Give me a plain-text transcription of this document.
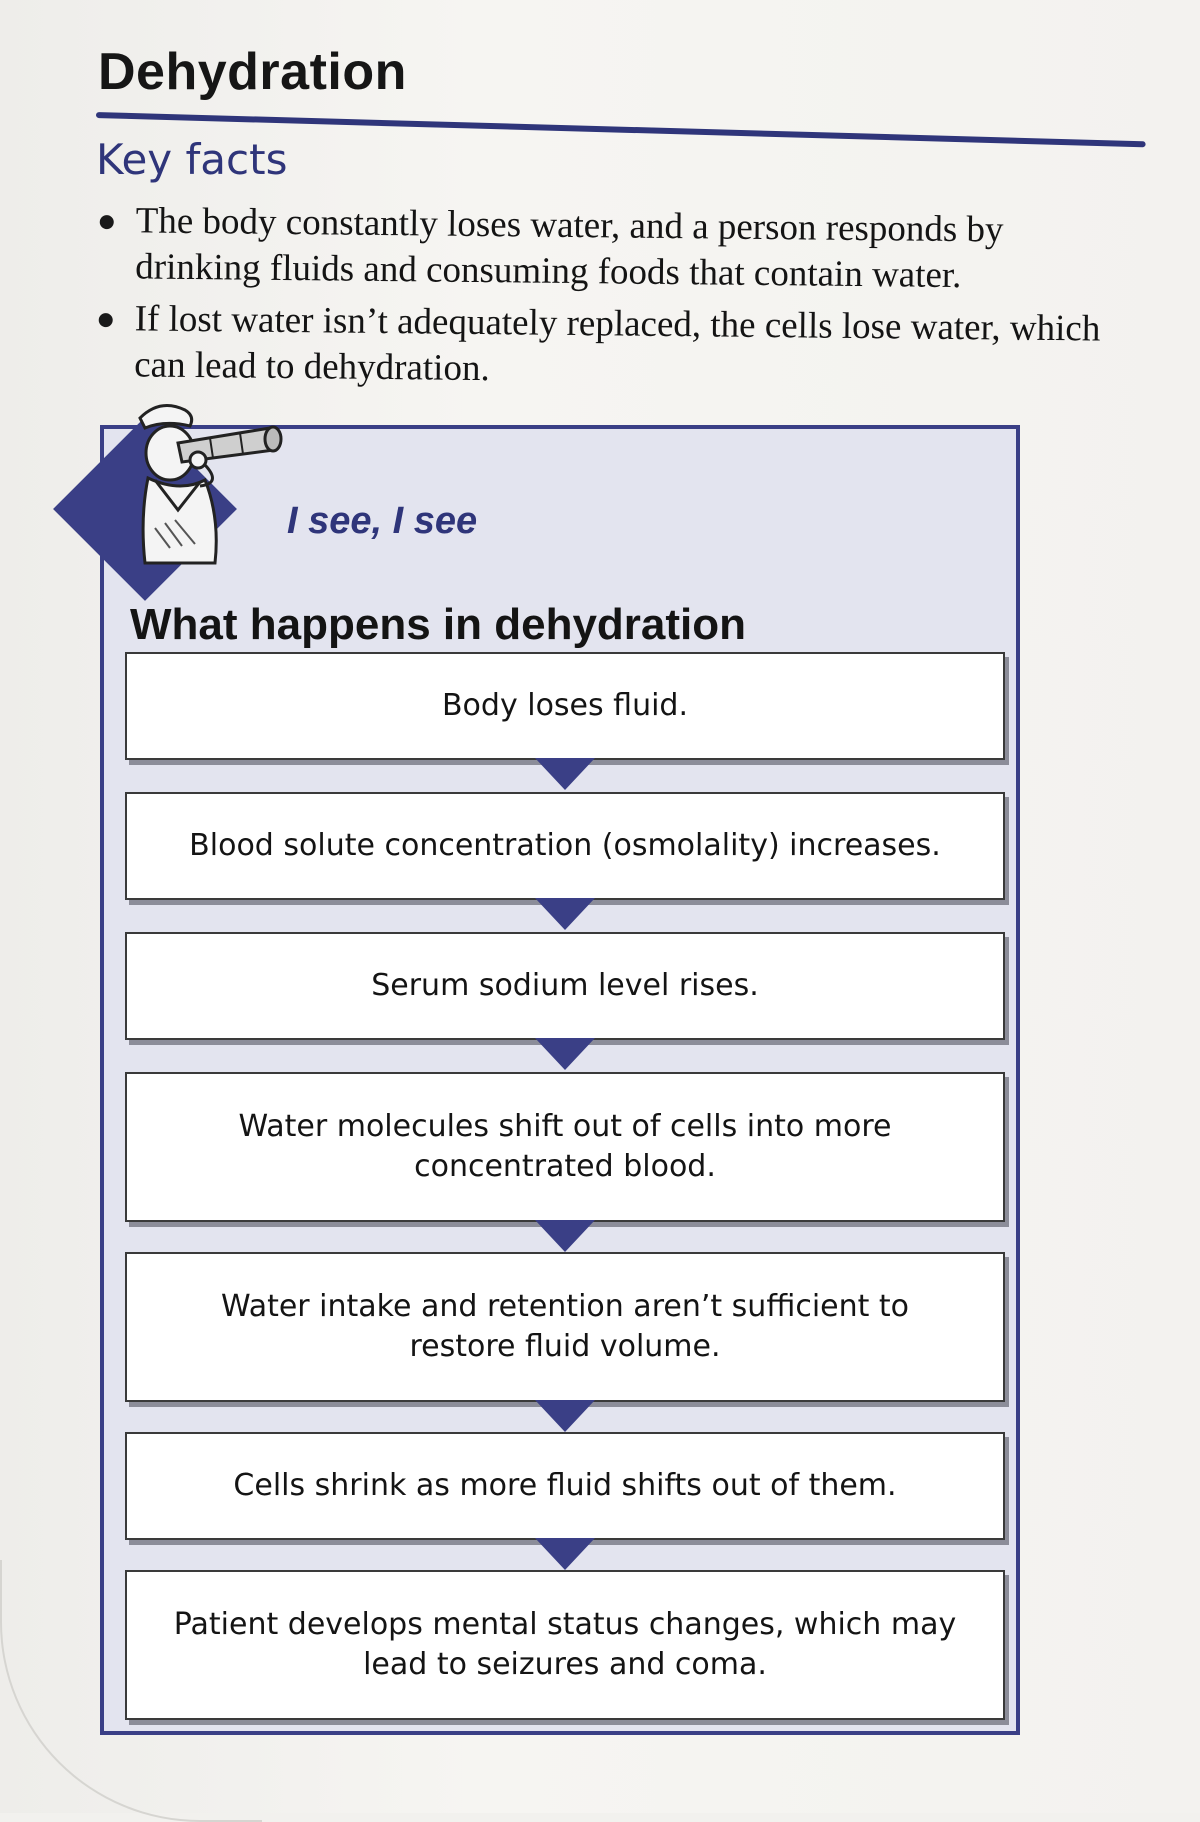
Dehydration
Key facts
The body constantly loses water, and a person responds by drinking fluids and consuming foods that contain water.
If lost water isn’t adequately replaced, the cells lose water, which can lead to dehydration.
I see, I see
What happens in dehydration
Body loses fluid.
Blood solute concentration (osmolality) increases.
Serum sodium level rises.
Water molecules shift out of cells into more concentrated blood.
Water intake and retention aren’t sufficient to restore fluid volume.
Cells shrink as more fluid shifts out of them.
Patient develops mental status changes, which may lead to seizures and coma.
